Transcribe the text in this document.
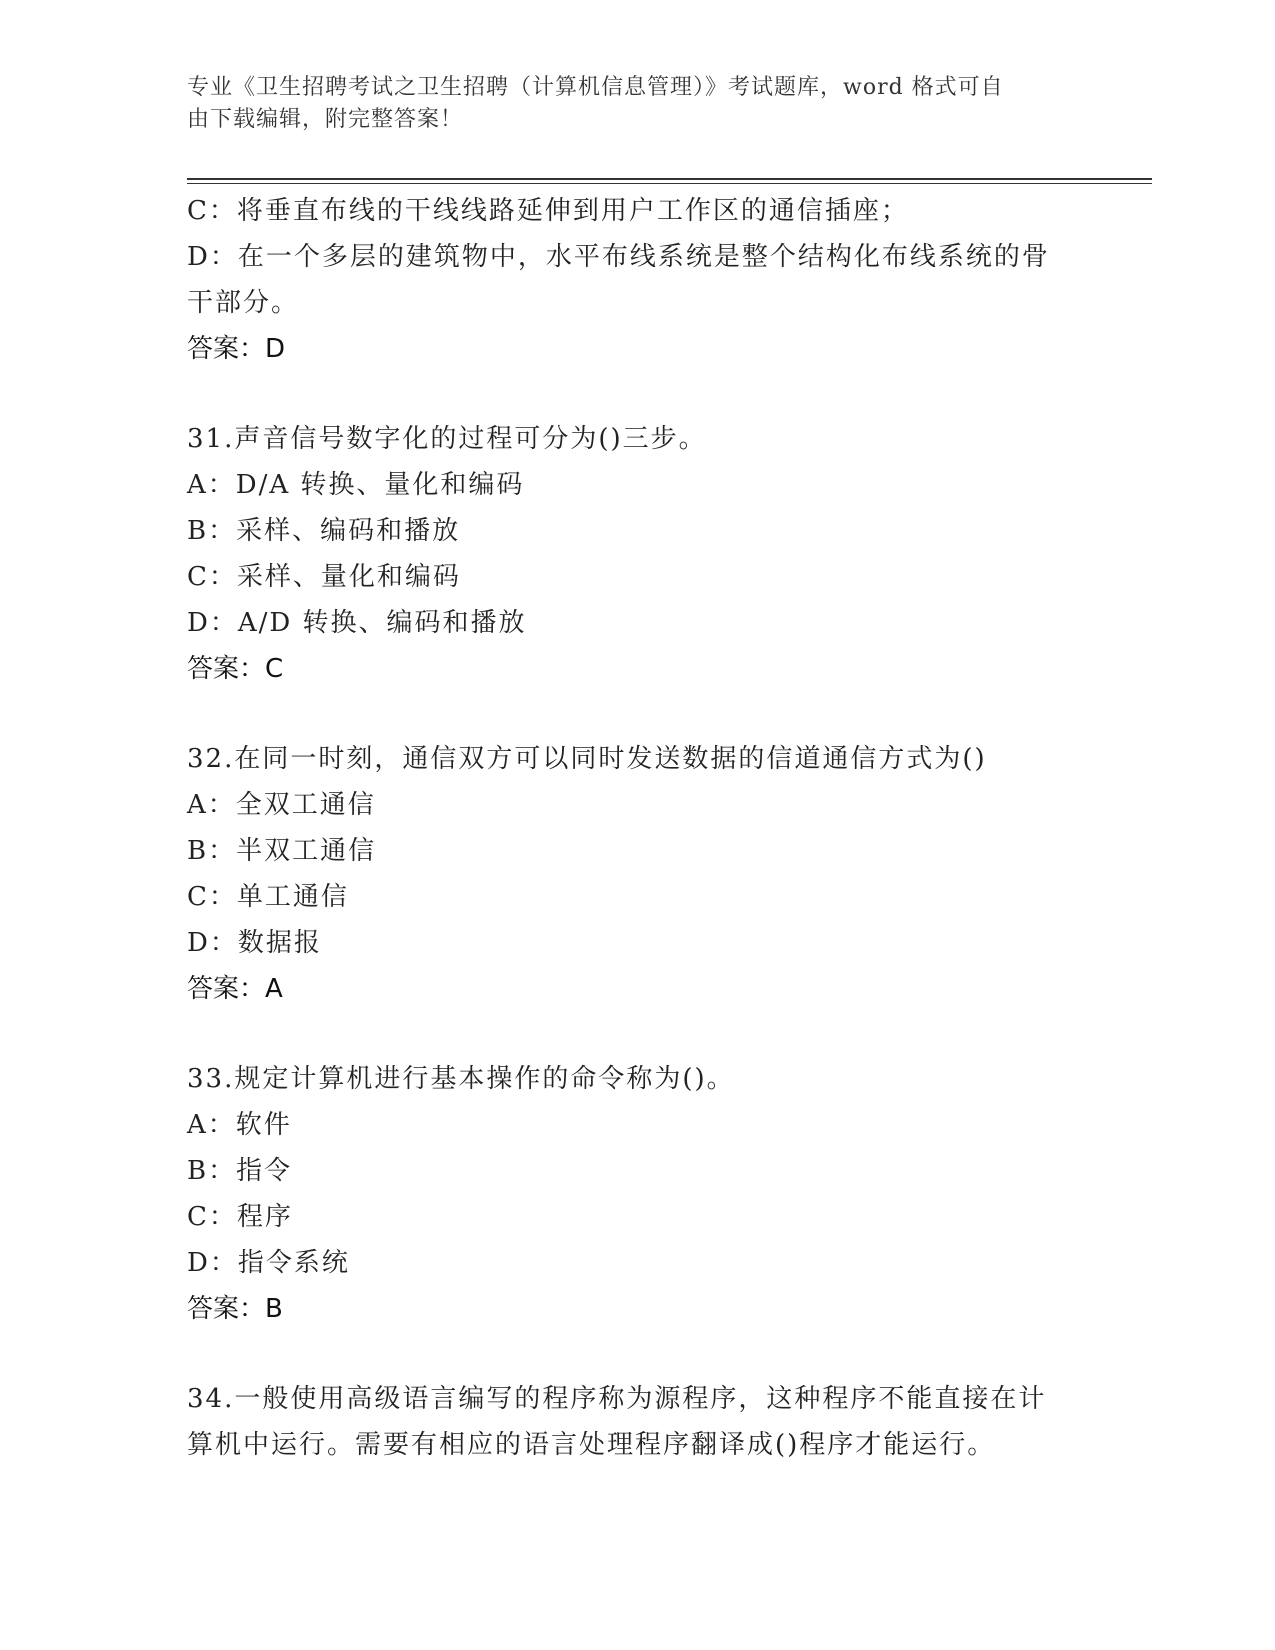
专业《卫生招聘考试之卫生招聘（计算机信息管理）》考试题库，word 格式可自
由下载编辑，附完整答案！
C：将垂直布线的干线线路延伸到用户工作区的通信插座；
D：在一个多层的建筑物中，水平布线系统是整个结构化布线系统的骨
干部分。
答案：D
31.声音信号数字化的过程可分为()三步。
A：D/A 转换、量化和编码
B：采样、编码和播放
C：采样、量化和编码
D：A/D 转换、编码和播放
答案：C
32.在同一时刻，通信双方可以同时发送数据的信道通信方式为()
A：全双工通信
B：半双工通信
C：单工通信
D：数据报
答案：A
33.规定计算机进行基本操作的命令称为()。
A：软件
B：指令
C：程序
D：指令系统
答案：B
34.一般使用高级语言编写的程序称为源程序，这种程序不能直接在计
算机中运行。需要有相应的语言处理程序翻译成()程序才能运行。
